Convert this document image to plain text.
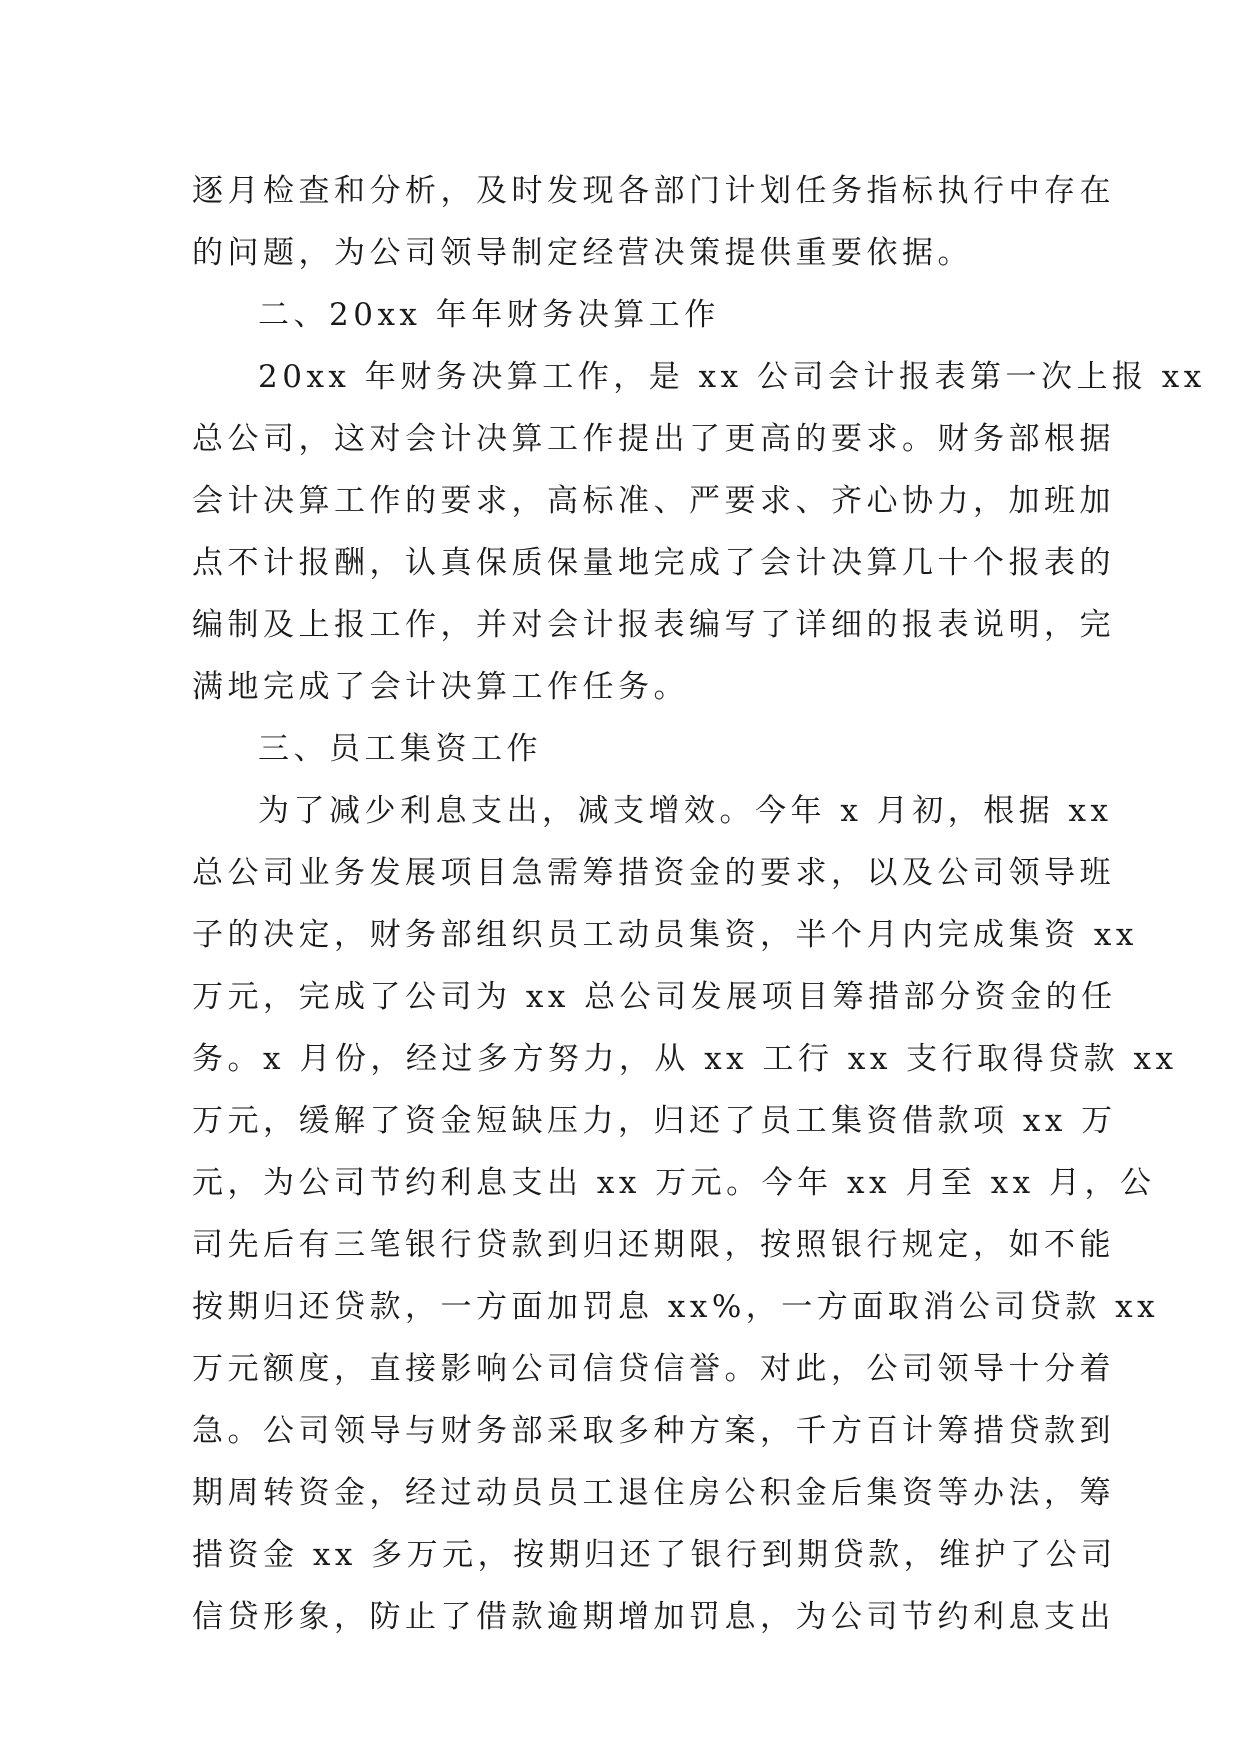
逐月检查和分析，及时发现各部门计划任务指标执行中存在
的问题，为公司领导制定经营决策提供重要依据。
二、20xx 年年财务决算工作
20xx 年财务决算工作，是 xx 公司会计报表第一次上报 xx
总公司，这对会计决算工作提出了更高的要求。财务部根据
会计决算工作的要求，高标准、严要求、齐心协力，加班加
点不计报酬，认真保质保量地完成了会计决算几十个报表的
编制及上报工作，并对会计报表编写了详细的报表说明，完
满地完成了会计决算工作任务。
三、员工集资工作
为了减少利息支出，减支增效。今年 x 月初，根据 xx
总公司业务发展项目急需筹措资金的要求，以及公司领导班
子的决定，财务部组织员工动员集资，半个月内完成集资 xx
万元，完成了公司为 xx 总公司发展项目筹措部分资金的任
务。x 月份，经过多方努力，从 xx 工行 xx 支行取得贷款 xx
万元，缓解了资金短缺压力，归还了员工集资借款项 xx 万
元，为公司节约利息支出 xx 万元。今年 xx 月至 xx 月，公
司先后有三笔银行贷款到归还期限，按照银行规定，如不能
按期归还贷款，一方面加罚息 xx%，一方面取消公司贷款 xx
万元额度，直接影响公司信贷信誉。对此，公司领导十分着
急。公司领导与财务部采取多种方案，千方百计筹措贷款到
期周转资金，经过动员员工退住房公积金后集资等办法，筹
措资金 xx 多万元，按期归还了银行到期贷款，维护了公司
信贷形象，防止了借款逾期增加罚息，为公司节约利息支出
